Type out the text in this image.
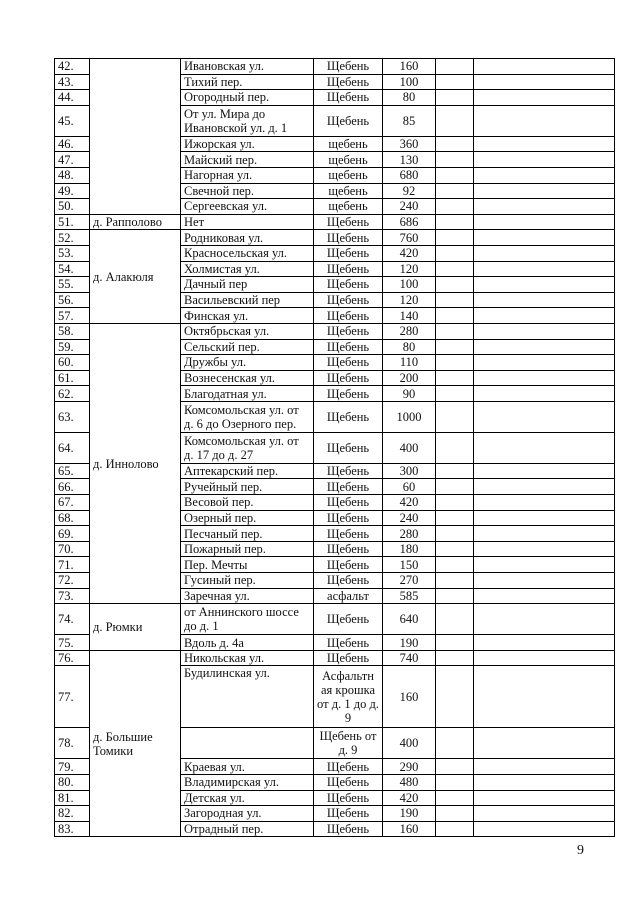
42.		Ивановская ул.	Щебень	160		
43.		Тихий пер.	Щебень	100		
44.		Огородный пер.	Щебень	80		
45.		От ул. Мира до Ивановской ул. д. 1	Щебень	85		
46.		Ижорская ул.	щебень	360		
47.		Майский пер.	щебень	130		
48.		Нагорная ул.	щебень	680		
49.		Свечной пер.	щебень	92		
50.		Сергеевская ул.	щебень	240		
51.	д. Рапполово	Нет	Щебень	686		
52.	д. Алакюля	Родниковая ул.	Щебень	760		
53.		Красносельская ул.	Щебень	420		
54.		Холмистая ул.	Щебень	120		
55.		Дачный пер	Щебень	100		
56.		Васильевский пер	Щебень	120		
57.		Финская ул.	Щебень	140		
58.	д. Иннолово	Октябрьская ул.	Щебень	280		
59.		Сельский пер.	Щебень	80		
60.		Дружбы ул.	Щебень	110		
61.		Вознесенская ул.	Щебень	200		
62.		Благодатная ул.	Щебень	90		
63.		Комсомольская ул. от д. 6 до Озерного пер.	Щебень	1000		
64.		Комсомольская ул. от д. 17 до д. 27	Щебень	400		
65.		Аптекарский пер.	Щебень	300		
66.		Ручейный пер.	Щебень	60		
67.		Весовой пер.	Щебень	420		
68.		Озерный пер.	Щебень	240		
69.		Песчаный пер.	Щебень	280		
70.		Пожарный пер.	Щебень	180		
71.		Пер. Мечты	Щебень	150		
72.		Гусиный пер.	Щебень	270		
73.		Заречная ул.	асфальт	585		
74.	д. Рюмки	от Аннинского шоссе до д. 1	Щебень	640		
75.		Вдоль д. 4а	Щебень	190		
76.	д. Большие Томики	Никольская ул.	Щебень	740		
77.		Будилинская ул.	Асфальтн ая крошка от д. 1 до д. 9	160		
78.			Щебень от д. 9	400		
79.		Краевая ул.	Щебень	290		
80.		Владимирская ул.	Щебень	480		
81.		Детская ул.	Щебень	420		
82.		Загородная ул.	Щебень	190		
83.		Отрадный пер.	Щебень	160		
9
